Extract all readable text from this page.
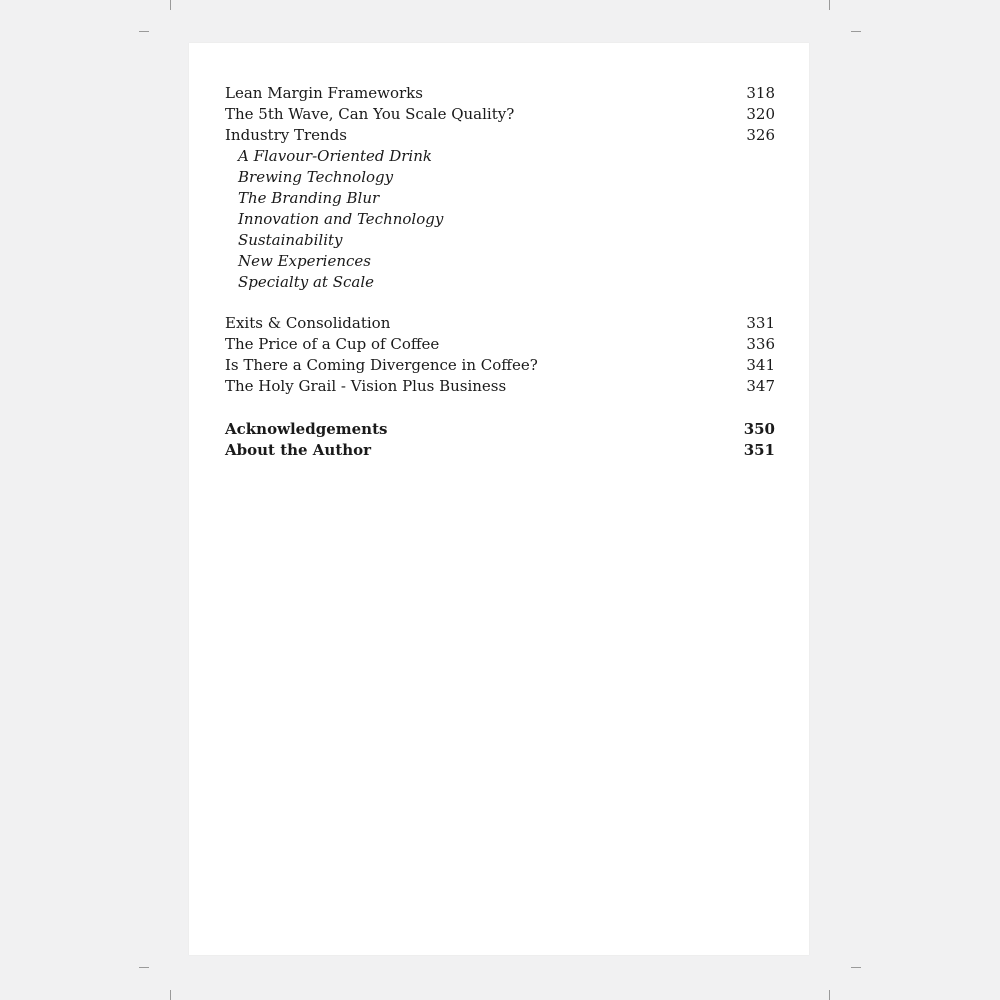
Lean Margin Frameworks	318
The 5th Wave, Can You Scale Quality?	320
Industry Trends	326
A Flavour-Oriented Drink
Brewing Technology
The Branding Blur
Innovation and Technology
Sustainability
New Experiences
Specialty at Scale
Exits & Consolidation	331
The Price of a Cup of Coffee	336
Is There a Coming Divergence in Coffee?	341
The Holy Grail - Vision Plus Business	347
Acknowledgements	350
About the Author	351
